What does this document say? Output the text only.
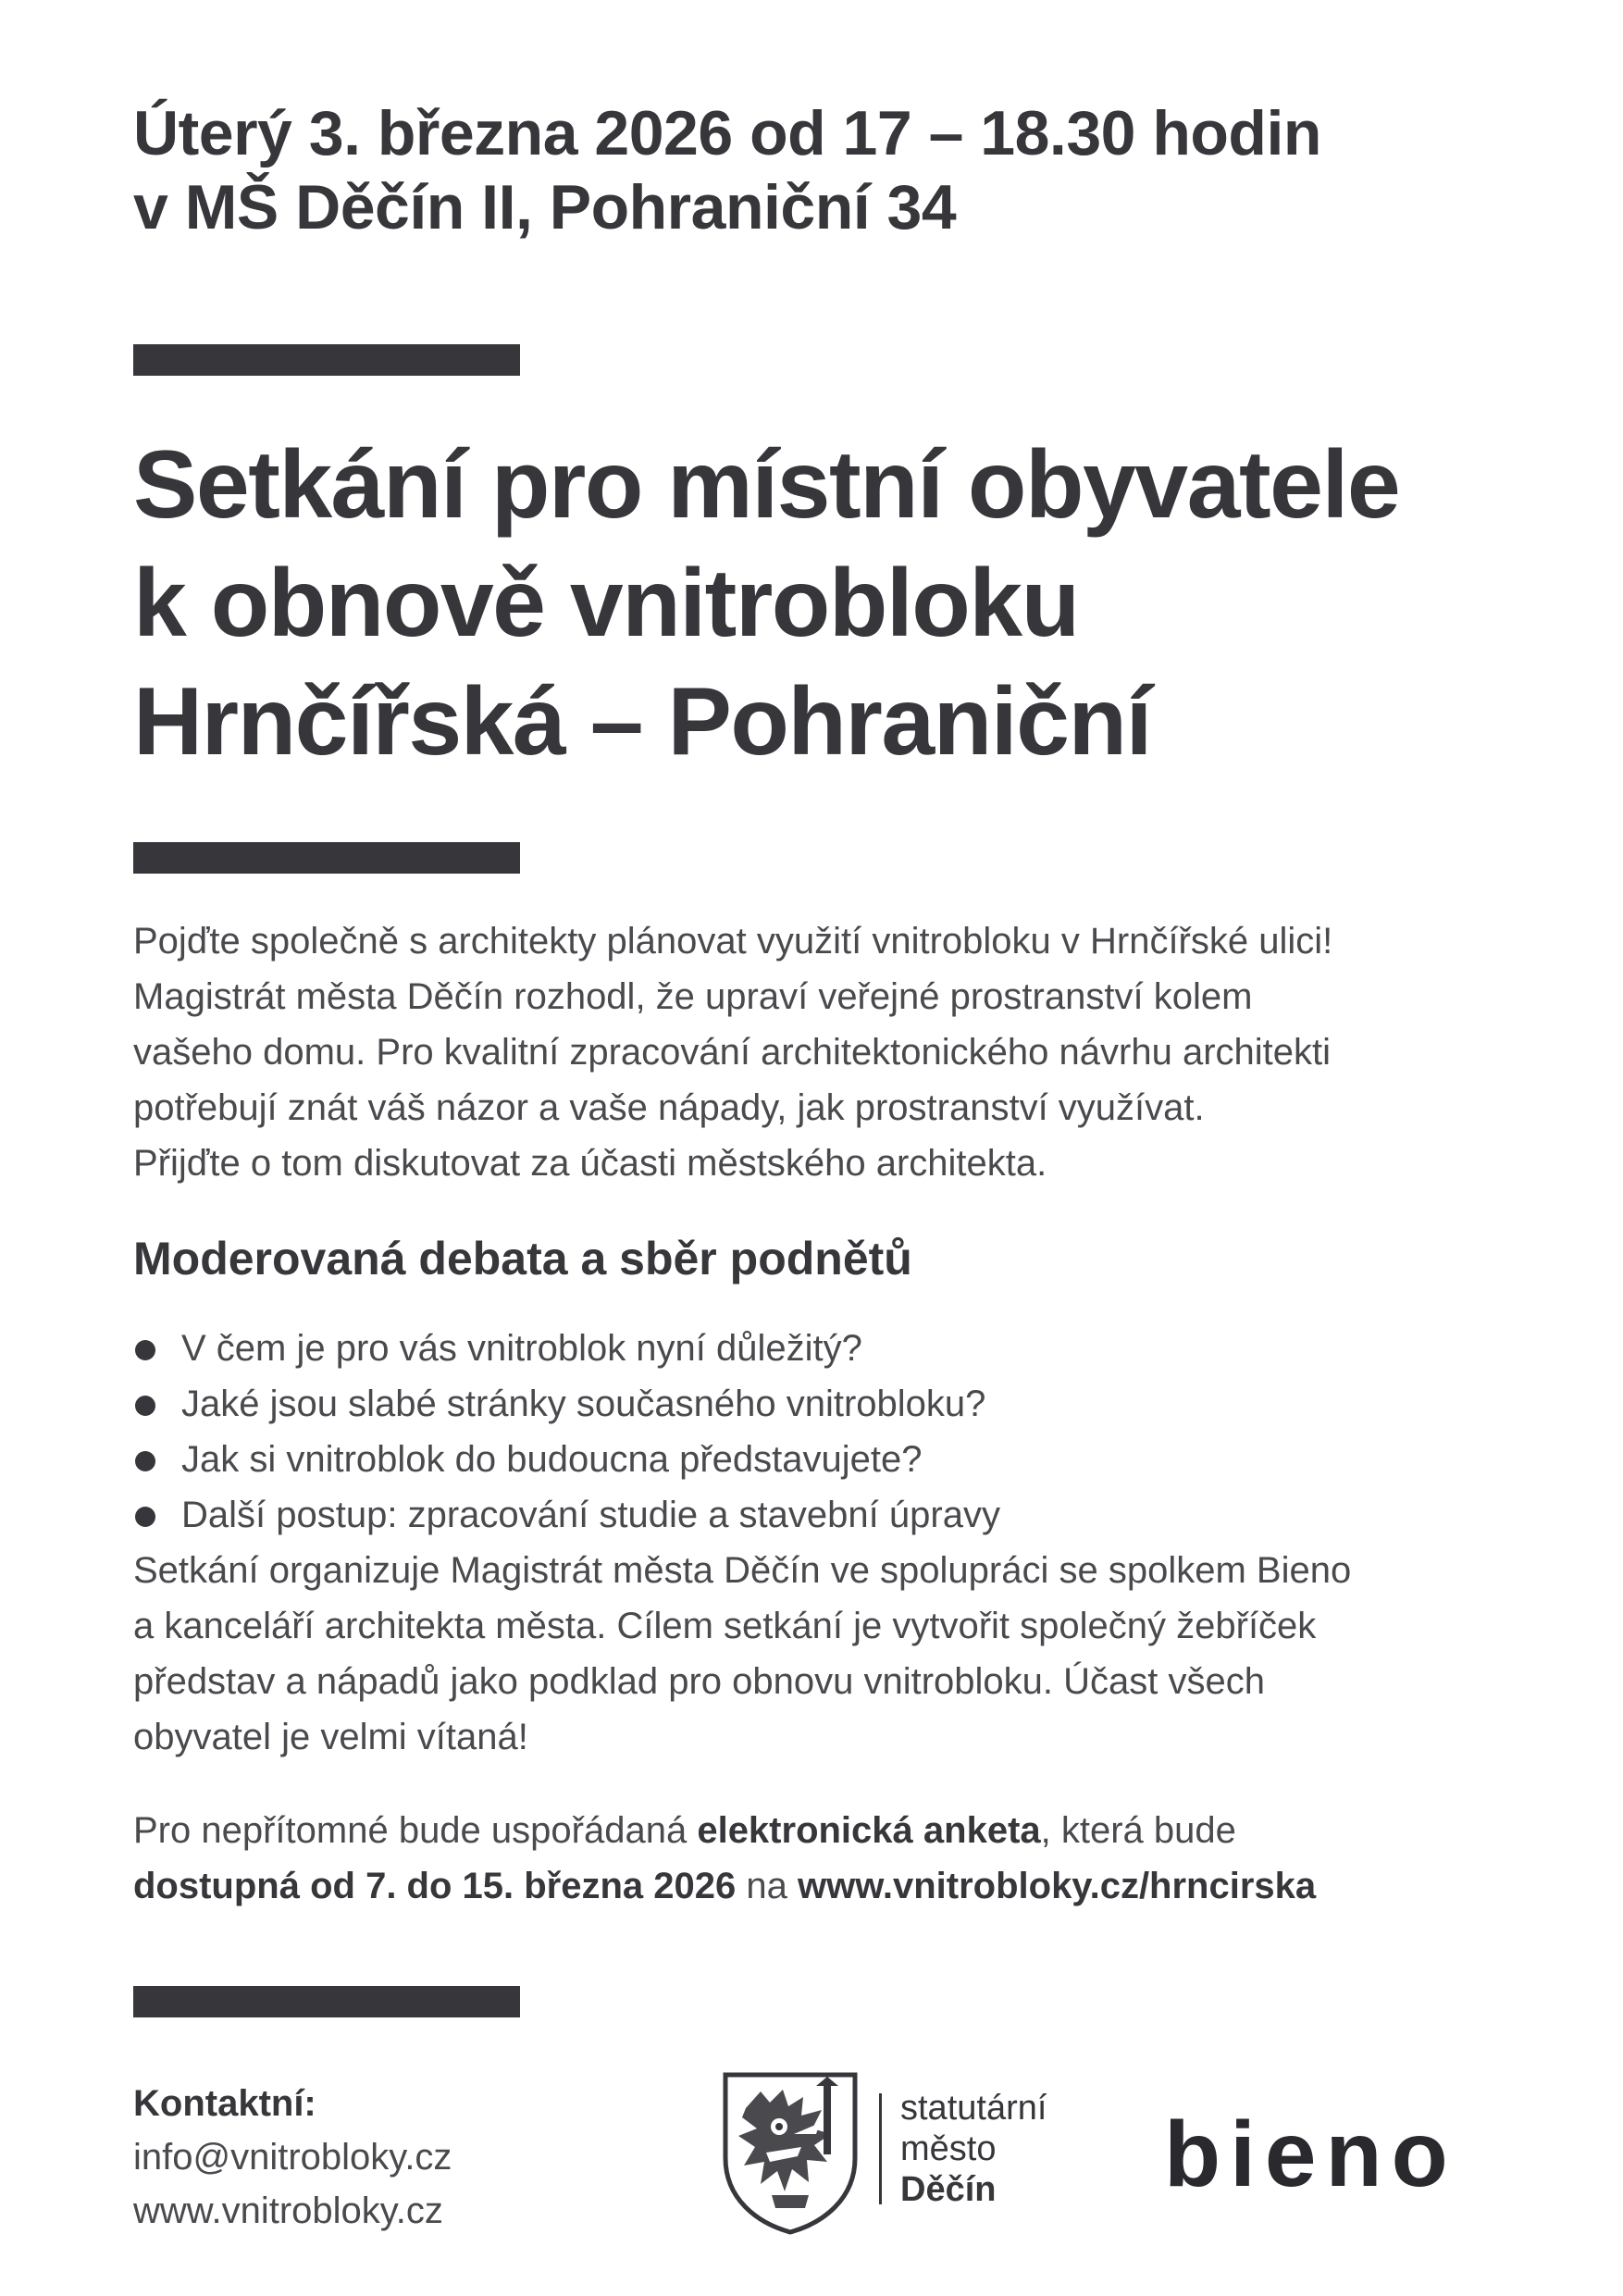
Úterý 3. března 2026 od 17 – 18.30 hodin
v MŠ Děčín II, Pohraniční 34
Setkání pro místní obyvatele
k obnově vnitrobloku
Hrnčířská – Pohraniční

Pojďte společně s architekty plánovat využití vnitrobloku v Hrnčířské ulici!

Magistrát města Děčín rozhodl, že upraví veřejné prostranství kolem

vašeho domu. Pro kvalitní zpracování architektonického návrhu architekti

potřebují znát váš názor a vaše nápady, jak prostranství využívat.

Přijďte o tom diskutovat za účasti městského architekta.

Moderovaná debata a sběr podnětů
V čem je pro vás vnitroblok nyní důležitý?
Jaké jsou slabé stránky současného vnitrobloku?
Jak si vnitroblok do budoucna představujete?
Další postup: zpracování studie a stavební úpravy

Setkání organizuje Magistrát města Děčín ve spolupráci se spolkem Bieno

a kanceláří architekta města. Cílem setkání je vytvořit společný žebříček

představ a nápadů jako podklad pro obnovu vnitrobloku. Účast všech

obyvatel je velmi vítaná!

Pro nepřítomné bude uspořádaná elektronická anketa, která bude

dostupná od 7. do 15. března 2026 na www.vnitrobloky.cz/hrncirska

Kontaktní:
info@vnitrobloky.cz
www.vnitrobloky.cz
statutární
město
Děčín	bieno
